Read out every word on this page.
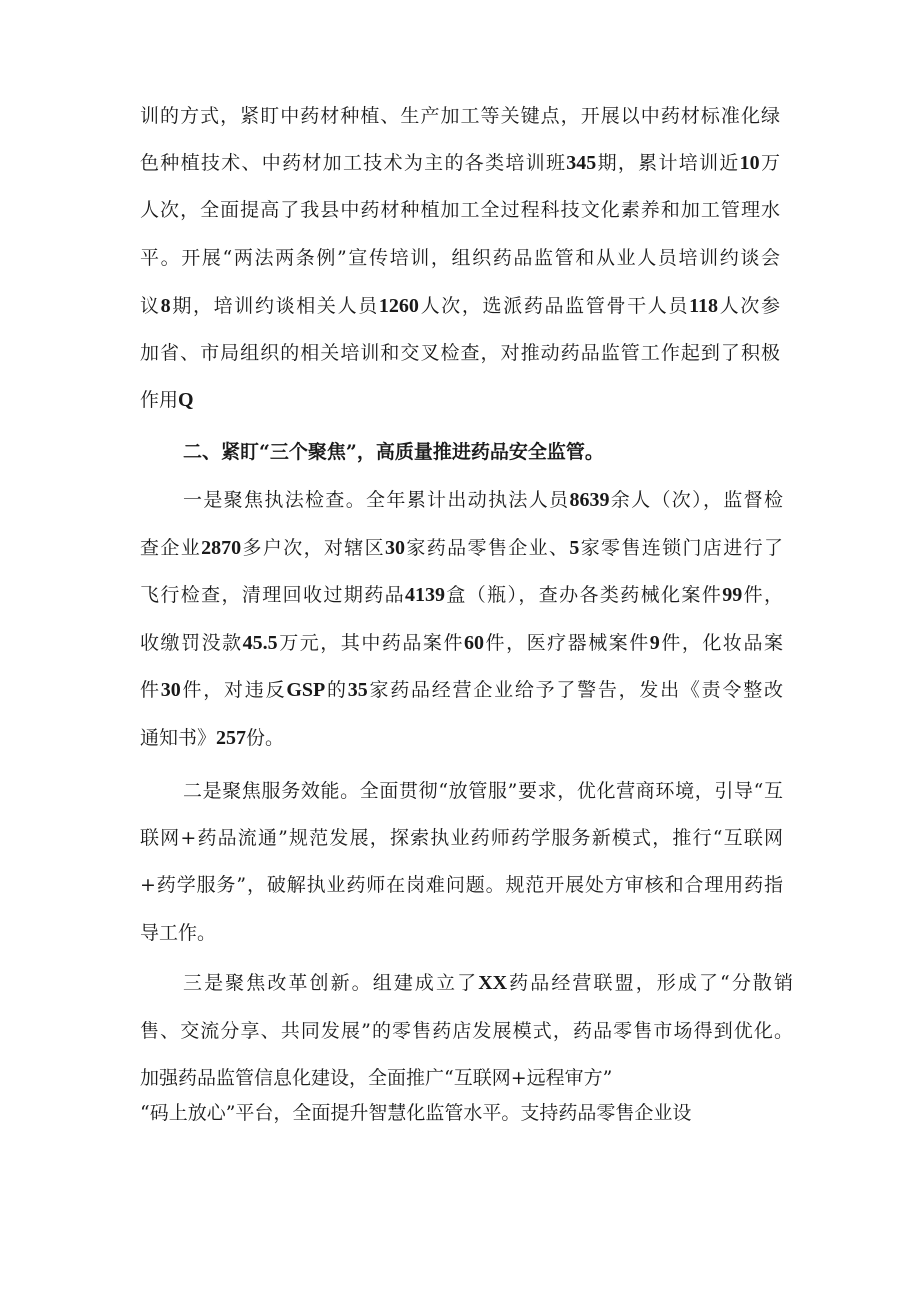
训的方式，紧盯中药材种植、生产加工等关键点，开展以中药材标准化绿
色种植技术、中药材加工技术为主的各类培训班345期，累计培训近10万
人次，全面提高了我县中药材种植加工全过程科技文化素养和加工管理水
平。开展“两法两条例”宣传培训，组织药品监管和从业人员培训约谈会
议8期，培训约谈相关人员1260人次，选派药品监管骨干人员118人次参
加省、市局组织的相关培训和交叉检查，对推动药品监管工作起到了积极
作用Q
二、紧盯“三个聚焦”，高质量推进药品安全监管。
一是聚焦执法检查。全年累计出动执法人员8639余人（次），监督检
查企业2870多户次，对辖区30家药品零售企业、5家零售连锁门店进行了
飞行检查，清理回收过期药品4139盒（瓶），查办各类药械化案件99件，
收缴罚没款45.5万元，其中药品案件60件，医疗器械案件9件，化妆品案
件30件，对违反GSP的35家药品经营企业给予了警告，发出《责令整改
通知书》257份。
二是聚焦服务效能。全面贯彻“放管服”要求，优化营商环境，引导“互
联网+药品流通”规范发展，探索执业药师药学服务新模式，推行“互联网
+药学服务”，破解执业药师在岗难问题。规范开展处方审核和合理用药指
导工作。
三是聚焦改革创新。组建成立了XX药品经营联盟，形成了“分散销
售、交流分享、共同发展”的零售药店发展模式，药品零售市场得到优化。
加强药品监管信息化建设，全面推广“互联网+远程审方”
“码上放心”平台，全面提升智慧化监管水平。支持药品零售企业设
